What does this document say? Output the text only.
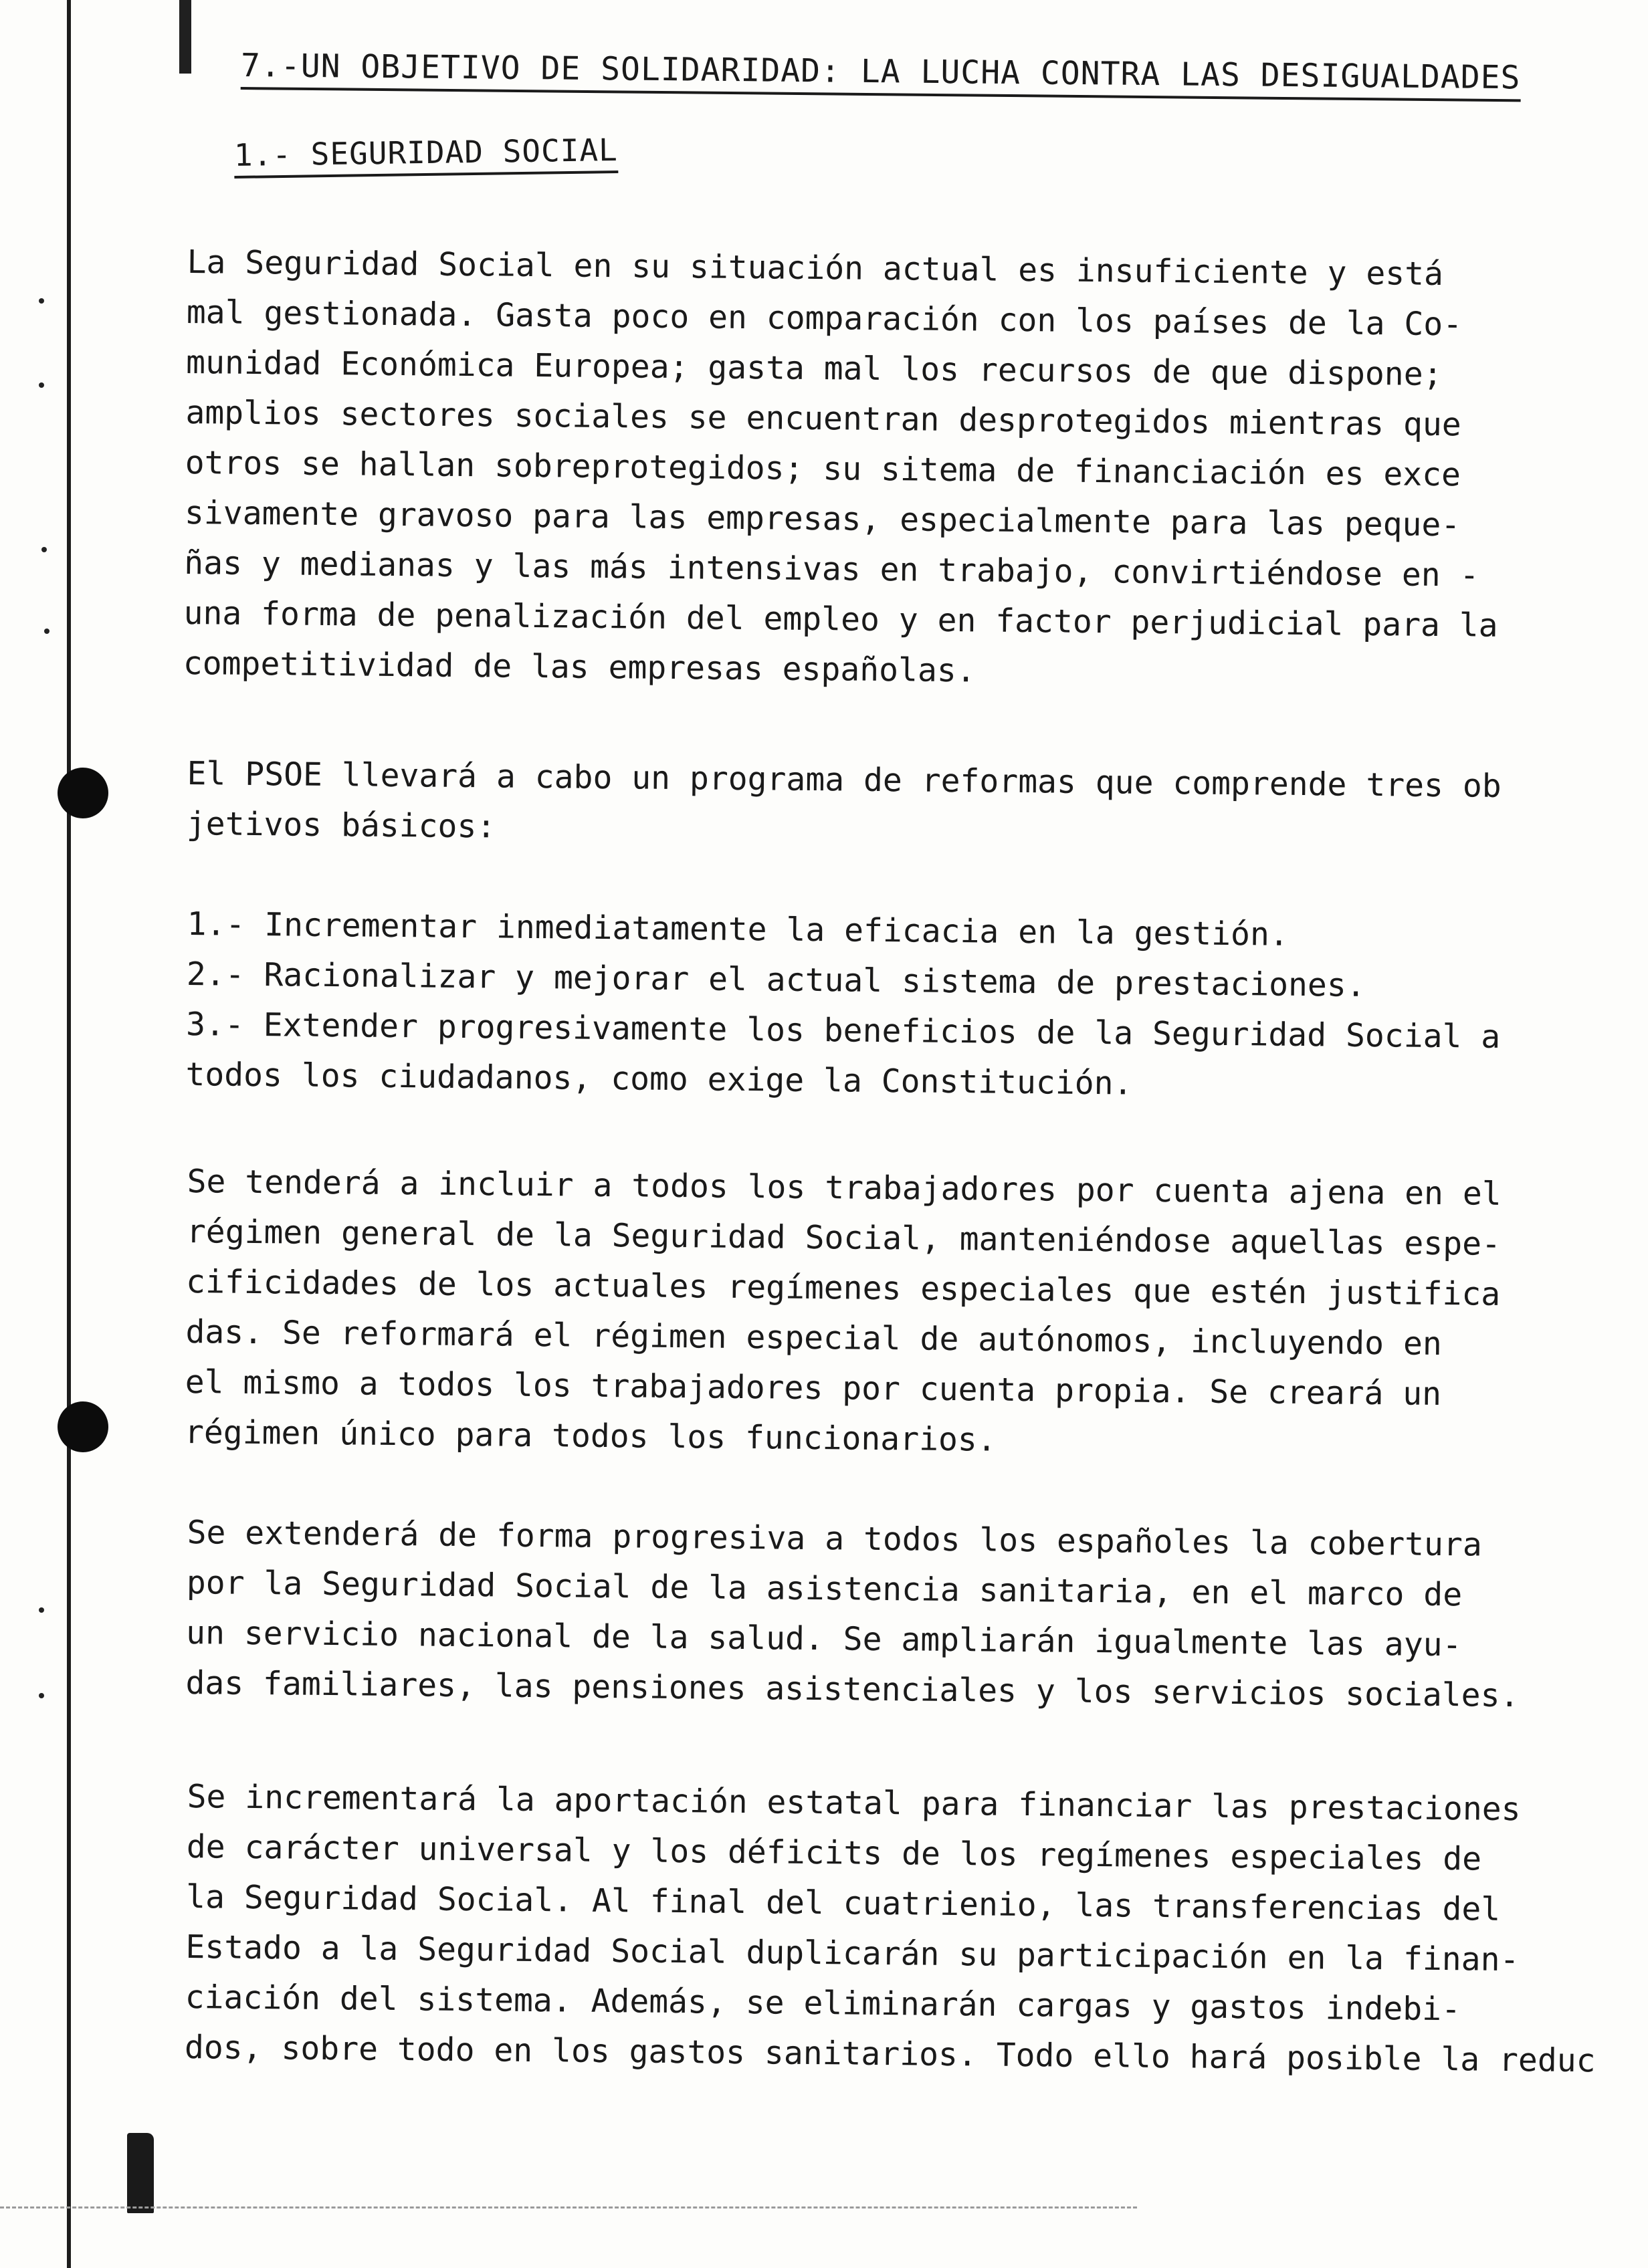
7.-UN OBJETIVO DE SOLIDARIDAD: LA LUCHA CONTRA LAS DESIGUALDADES
1.- SEGURIDAD SOCIAL
La Seguridad Social en su situación actual es insuficiente y está
mal gestionada. Gasta poco en comparación con los países de la Co-
munidad Económica Europea; gasta mal los recursos de que dispone;
amplios sectores sociales se encuentran desprotegidos mientras que
otros se hallan sobreprotegidos; su sitema de financiación es exce
sivamente gravoso para las empresas, especialmente para las peque-
ñas y medianas y las más intensivas en trabajo, convirtiéndose en -
una forma de penalización del empleo y en factor perjudicial para la
competitividad de las empresas españolas.
El PSOE llevará a cabo un programa de reformas que comprende tres ob
jetivos básicos:
1.- Incrementar inmediatamente la eficacia en la gestión.
2.- Racionalizar y mejorar el actual sistema de prestaciones.
3.- Extender progresivamente los beneficios de la Seguridad Social a
todos los ciudadanos, como exige la Constitución.
Se tenderá a incluir a todos los trabajadores por cuenta ajena en el
régimen general de la Seguridad Social, manteniéndose aquellas espe-
cificidades de los actuales regímenes especiales que estén justifica
das. Se reformará el régimen especial de autónomos, incluyendo en
el mismo a todos los trabajadores por cuenta propia. Se creará un
régimen único para todos los funcionarios.
Se extenderá de forma progresiva a todos los españoles la cobertura
por la Seguridad Social de la asistencia sanitaria, en el marco de
un servicio nacional de la salud. Se ampliarán igualmente las ayu-
das familiares, las pensiones asistenciales y los servicios sociales.
Se incrementará la aportación estatal para financiar las prestaciones
de carácter universal y los déficits de los regímenes especiales de
la Seguridad Social. Al final del cuatrienio, las transferencias del
Estado a la Seguridad Social duplicarán su participación en la finan-
ciación del sistema. Además, se eliminarán cargas y gastos indebi-
dos, sobre todo en los gastos sanitarios. Todo ello hará posible la reduc
